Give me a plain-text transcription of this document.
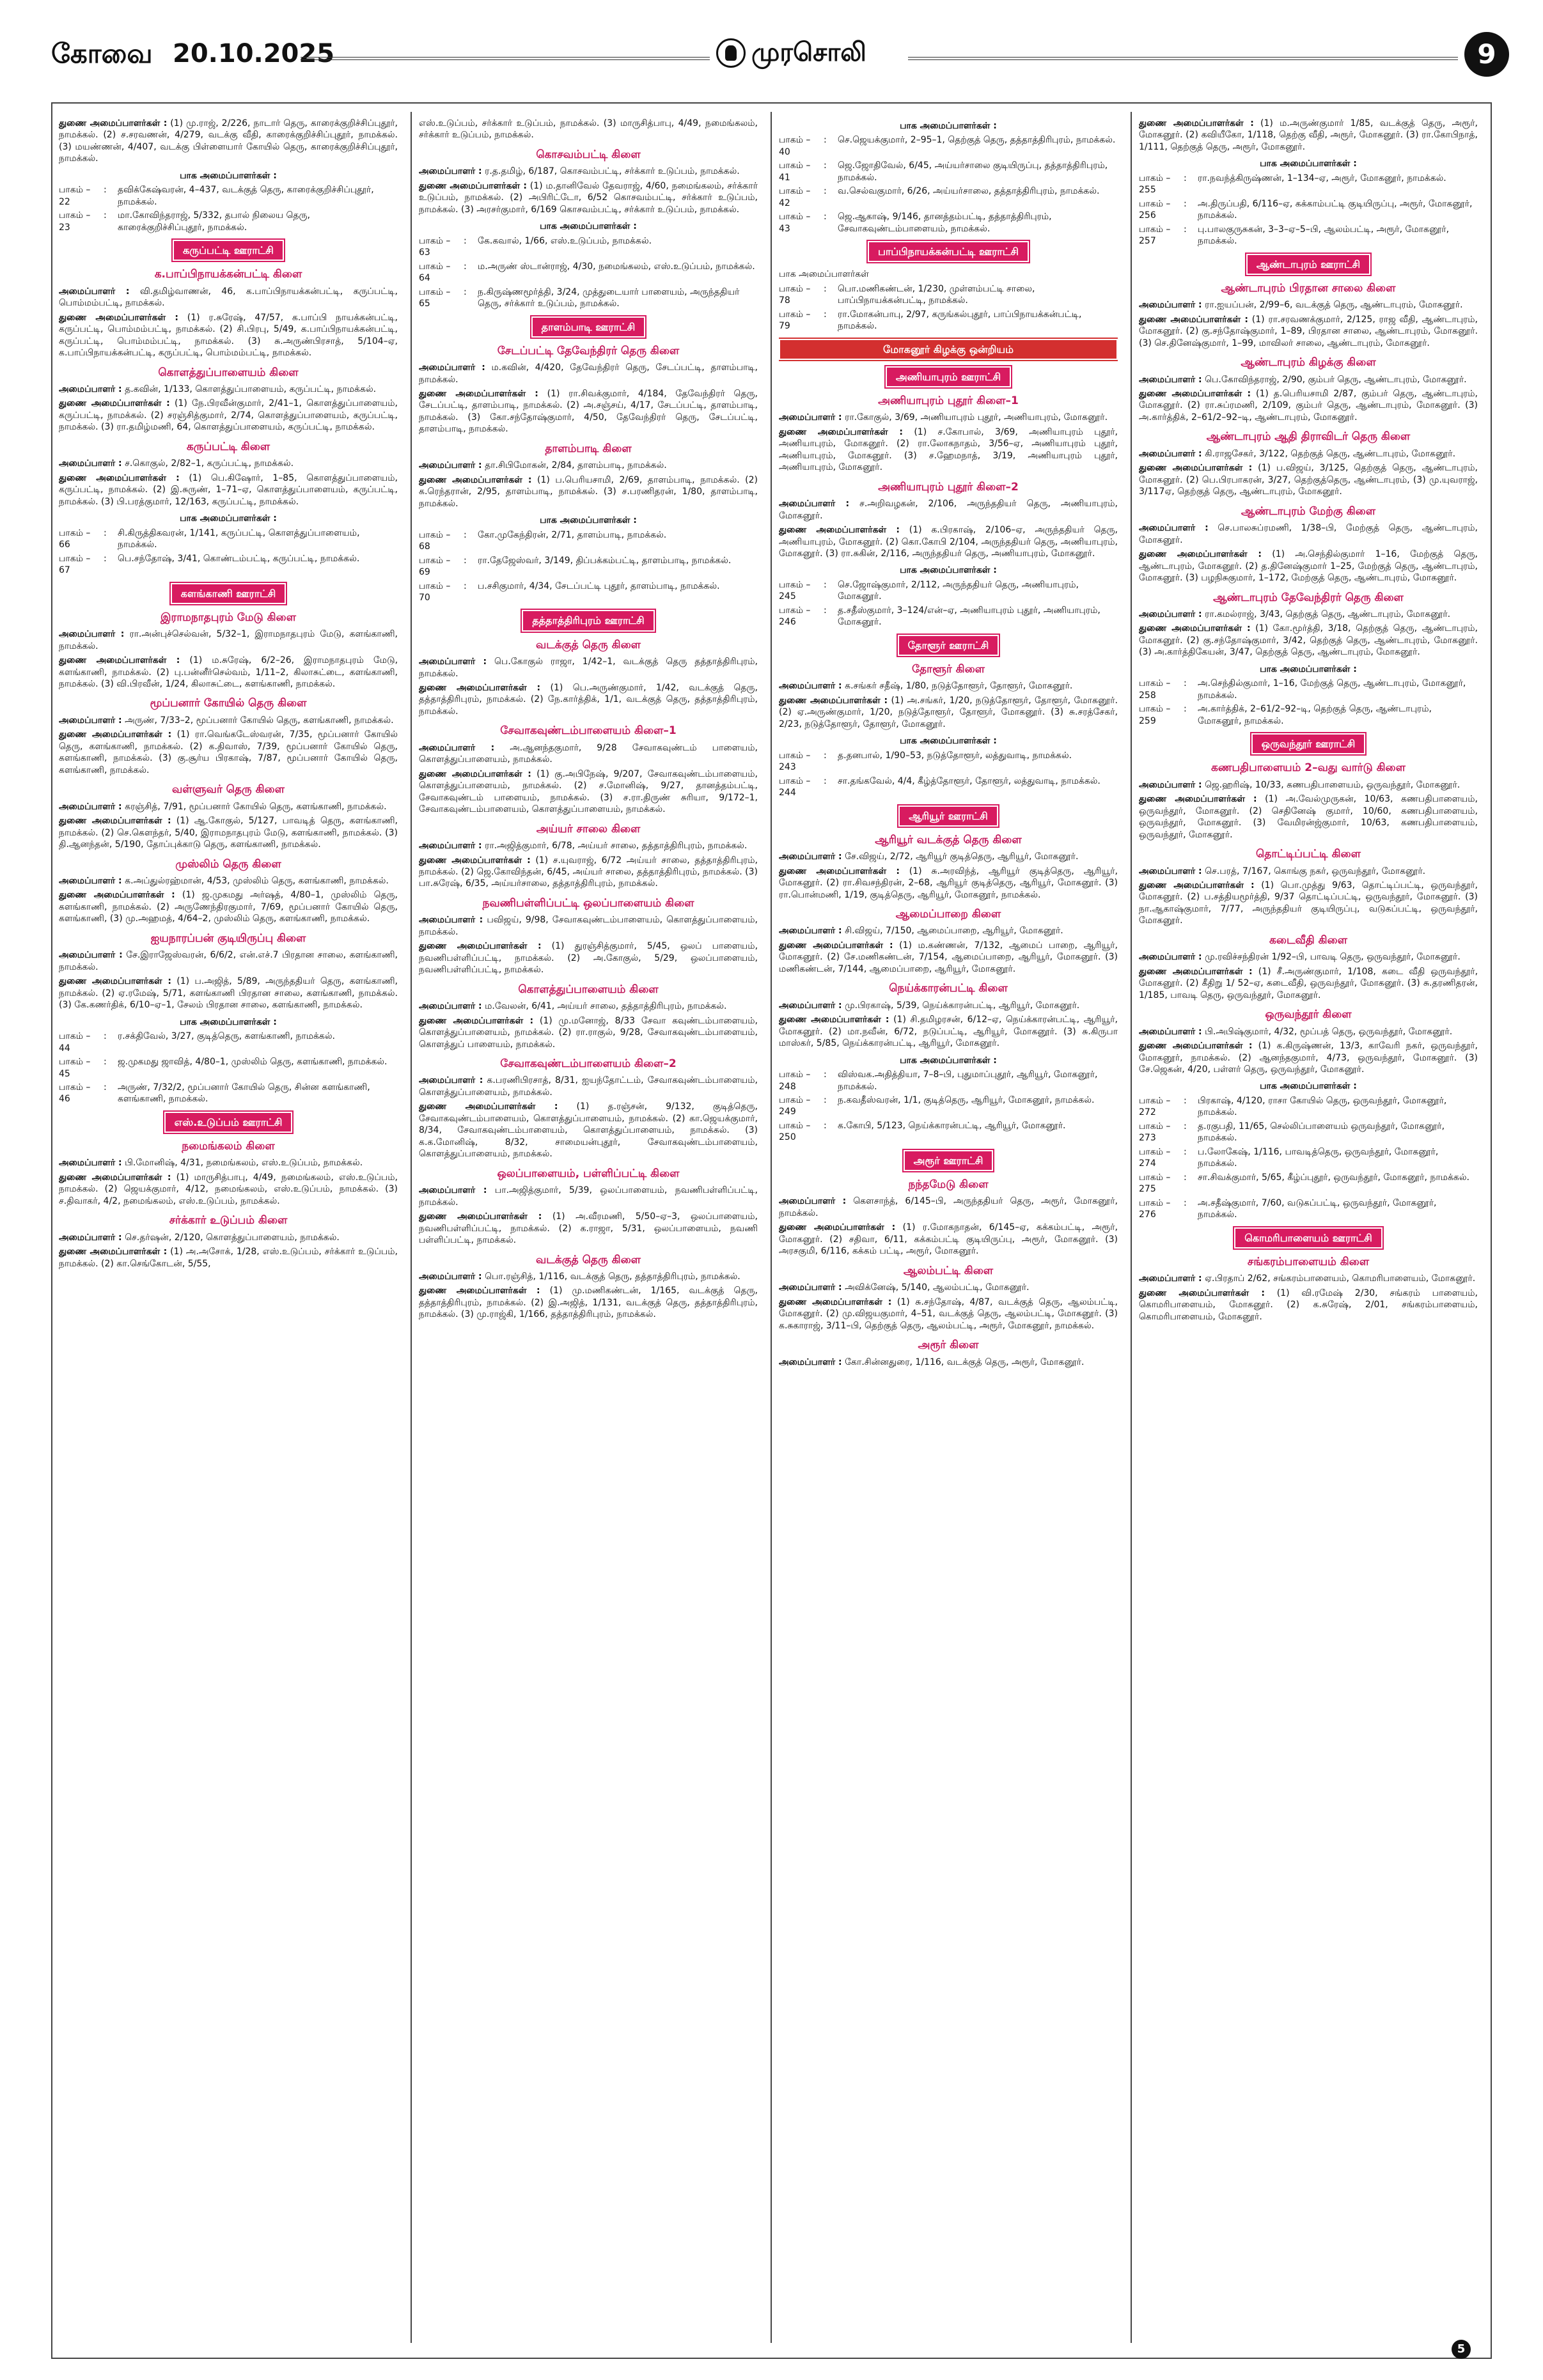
கோவை 20.10.2025	முரசொலி	9

துணை அமைப்பாளர்கள் : (1) மு.ராஜ், 2/226, நாடார் தெரு, காரைக்குறிச்சிப்புதூர், நாமக்கல். (2) ச.சரவணன், 4/279, வடக்கு வீதி, காரைக்குறிச்சிப்புதூர், நாமக்கல். (3) மயண்ணன், 4/407, வடக்கு பிள்ளையார் கோயில் தெரு, காரைக்குறிச்சிப்புதூர், நாமக்கல்.

பாக அமைப்பாளர்கள் :
பாகம் – 22
:	தவிக்கேஷ்வரன், 4–437, வடக்குத் தெரு, காரைக்குறிச்சிப்புதூர், நாமக்கல்.
பாகம் – 23
:	மா.கோவிந்தராஜ், 5/332, தபால் நிலைய தெரு, காரைக்குறிச்சிப்புதூர், நாமக்கல்.
கருப்பட்டி ஊராட்சி
க.பாப்பிநாயக்கன்பட்டி கிளை

அமைப்பாளர் : வி.தமிழ்வாணன், 46, க.பாப்பிநாயக்கன்பட்டி, கருப்பட்டி, பொம்மம்பட்டி, நாமக்கல்.

துணை அமைப்பாளர்கள் : (1) ர.சுரேஷ், 47/57, க.பாப்பி நாயக்கன்பட்டி, கருப்பட்டி, பொம்மம்பட்டி, நாமக்கல். (2) சி.பிரபு, 5/49, க.பாப்பிநாயக்கன்பட்டி, கருப்பட்டி, பொம்மம்பட்டி, நாமக்கல். (3) சு.அருண்பிரசாத், 5/104–ஏ, க.பாப்பிநாயக்கன்பட்டி, கருப்பட்டி, பொம்மம்பட்டி, நாமக்கல்.

கொளத்துப்பாளையம் கிளை

அமைப்பாளர் : த.கவின், 1/133, கொளத்துப்பாளையம், கருப்பட்டி, நாமக்கல்.

துணை அமைப்பாளர்கள் : (1) நே.பிரவீன்குமார், 2/41–1, கொளத்துப்பாளையம், கருப்பட்டி, நாமக்கல். (2) சரஞ்சித்குமார், 2/74, கொளத்துப்பாளையம், கருப்பட்டி, நாமக்கல். (3) ரா.தமிழ்மணி, 64, கொளத்துப்பாளையம், கருப்பட்டி, நாமக்கல்.

கருப்பட்டி கிளை

அமைப்பாளர் : ச.கொகுல், 2/82–1, கருப்பட்டி, நாமக்கல்.

துணை அமைப்பாளர்கள் : (1) பெ.கிஷோர், 1–85, கொளத்துப்பாளையம், கருப்பட்டி, நாமக்கல். (2) இ.சுருண், 1–71–ஏ, கொளத்துப்பாளையம், கருப்பட்டி, நாமக்கல். (3) பி.பரத்குமார், 12/163, கருப்பட்டி, நாமக்கல்.

பாக அமைப்பாளர்கள் :
பாகம் – 66
:	சி.கிருத்திகவரன், 1/141, கருப்பட்டி, கொளத்துப்பாளையம், நாமக்கல்.
பாகம் – 67
:	பெ.சந்தோஷ், 3/41, கொண்டம்பட்டி, கருப்பட்டி, நாமக்கல்.
களங்காணி ஊராட்சி
இராமநாதபுரம் மேடு கிளை

அமைப்பாளர் : ரா.அன்புச்செல்வன், 5/32–1, இராமநாதபுரம் மேடு, களங்காணி, நாமக்கல்.

துணை அமைப்பாளர்கள் : (1) ம.சுரேஷ், 6/2–26, இராமநாதபுரம் மேடு, களங்காணி, நாமக்கல். (2) பு.பன்னீர்செல்வம், 1/11–2, கிலாசுட்டை, களங்காணி, நாமக்கல். (3) வி.பிரவீன், 1/24, கிலாசுட்டை, களங்காணி, நாமக்கல்.

மூப்பனார் கோயில் தெரு கிளை

அமைப்பாளர் : அருண், 7/33–2, மூப்பனார் கோயில் தெரு, களங்காணி, நாமக்கல்.

துணை அமைப்பாளர்கள் : (1) ரா.வெங்கடேஸ்வரன், 7/35, மூப்பனார் கோயில் தெரு, களங்காணி, நாமக்கல். (2) க.திவாஸ், 7/39, மூப்பனார் கோயில் தெரு, களங்காணி, நாமக்கல். (3) கு.சூர்ய பிரகாஷ், 7/87, மூப்பனார் கோயில் தெரு, களங்காணி, நாமக்கல்.

வள்ளுவர் தெரு கிளை

அமைப்பாளர் : கரஞ்சித், 7/91, மூப்பனார் கோயில் தெரு, களங்காணி, நாமக்கல்.

துணை அமைப்பாளர்கள் : (1) ஆ.கோகுல், 5/127, பாவடித் தெரு, களங்காணி, நாமக்கல். (2) செ.கௌந்தர், 5/40, இராமநாதபுரம் மேடு, களங்காணி, நாமக்கல். (3) தி.ஆனந்தன், 5/190, தோப்புக்காடு தெரு, களங்காணி, நாமக்கல்.

முஸ்லிம் தெரு கிளை

அமைப்பாளர் : க.அப்துல்ரஹ்மான், 4/53, முஸ்லிம் தெரு, களங்காணி, நாமக்கல்.

துணை அமைப்பாளர்கள் : (1) ஜ.முகமது அர்ஷத், 4/80–1, முஸ்லிம் தெரு, களங்காணி, நாமக்கல். (2) அருணேந்திரகுமார், 7/69, மூப்பனார் கோயில் தெரு, களங்காணி, (3) மு.அஹமத், 4/64–2, முஸ்லிம் தெரு, களங்காணி, நாமக்கல்.

ஐயநாரப்பன் குடியிருப்பு கிளை

அமைப்பாளர் : சே.இராஜேஸ்வரன், 6/6/2, என்.எச்.7 பிரதான சாலை, களங்காணி, நாமக்கல்.

துணை அமைப்பாளர்கள் : (1) ப.அஜித், 5/89, அருந்ததியர் தெரு, களங்காணி, நாமக்கல். (2) ஏ.ரமேஷ், 5/71, களங்காணி பிரதான சாலை, களங்காணி, நாமக்கல். (3) கே.கணர்திக், 6/10–ஏ–1, சேலம் பிரதான சாலை, களங்காணி, நாமக்கல்.

பாக அமைப்பாளர்கள் :
பாகம் – 44
:	ர.சக்திவேல், 3/27, குடித்தெரு, களங்காணி, நாமக்கல்.
பாகம் – 45
:	ஜ.முகமது ஜாவித், 4/80–1, முஸ்லிம் தெரு, களங்காணி, நாமக்கல்.
பாகம் – 46
:	அருண், 7/32/2, மூப்பனார் கோயில் தெரு, சின்ன களங்காணி, களங்காணி, நாமக்கல்.
எஸ்.உடுப்பம் ஊராட்சி
நமைங்கலம் கிளை

அமைப்பாளர் : பி.மோனிஷ், 4/31, நமைங்கலம், எஸ்.உடுப்பம், நாமக்கல்.

துணை அமைப்பாளர்கள் : (1) மாருசித்பாபு, 4/49, நமைங்கலம், எஸ்.உடுப்பம், நாமக்கல். (2) ஜெயக்குமார், 4/12, நமைங்கலம், எஸ்.உடுப்பம், நாமக்கல். (3) ச.திவாகர், 4/2, நமைங்கலம், எஸ்.உடுப்பம், நாமக்கல்.

சர்க்கார் உடுப்பம் கிளை

அமைப்பாளர் : செ.தர்ஷன், 2/120, கொளத்துப்பாளையம், நாமக்கல்.

துணை அமைப்பாளர்கள் : (1) அ.அசோக், 1/28, எஸ்.உடுப்பம், சர்க்கார் உடுப்பம், நாமக்கல். (2) கா.செங்கோடன், 5/55,

எஸ்.உடுப்பம், சர்க்கார் உடுப்பம், நாமக்கல். (3) மாருசித்பாபு, 4/49, நமைங்கலம், சர்க்கார் உடுப்பம், நாமக்கல்.

கொசவம்பட்டி கிளை

அமைப்பாளர் : ர.த.தமிழ், 6/187, கொசவம்பட்டி, சர்க்கார் உடுப்பம், நாமக்கல்.

துணை அமைப்பாளர்கள் : (1) ம.தானிவேல் தேவராஜ், 4/60, நமைங்கலம், சர்க்கார் உடுப்பம், நாமக்கல். (2) அபிரிட்டோ, 6/52 கொசவம்பட்டி, சர்க்கார் உடுப்பம், நாமக்கல். (3) அரசர்குமார், 6/169 கொசவம்பட்டி, சர்க்கார் உடுப்பம், நாமக்கல்.

பாக அமைப்பாளர்கள் :
பாகம் – 63
:	கே.கவால், 1/66, எஸ்.உடுப்பம், நாமக்கல்.
பாகம் – 64
:	ம.அருண் ஸ்டான்ராஜ், 4/30, நமைங்கலம், எஸ்.உடுப்பம், நாமக்கல்.
பாகம் – 65
:	ந.கிருஷ்ணமூர்த்தி, 3/24, முத்துடையார் பாளையம், அருந்ததியர் தெரு, சர்க்கார் உடுப்பம், நாமக்கல்.
தாளம்பாடி ஊராட்சி
சேடப்பட்டி தேவேந்திரர் தெரு கிளை

அமைப்பாளர் : ம.கவின், 4/420, தேவேந்திரர் தெரு, சேடப்பட்டி, தாளம்பாடி, நாமக்கல்.

துணை அமைப்பாளர்கள் : (1) ரா.சிவக்குமார், 4/184, தேவேந்திரர் தெரு, சேடப்பட்டி, தாளம்பாடி, நாமக்கல். (2) அ.சஞ்சய், 4/17, சேடப்பட்டி, தாளம்பாடி, நாமக்கல். (3) கோ.சந்தோஷ்குமார், 4/50, தேவேந்திரர் தெரு, சேடப்பட்டி, தாளம்பாடி, நாமக்கல்.

தாளம்பாடி கிளை

அமைப்பாளர் : தா.சிபிமோகன், 2/84, தாளம்பாடி, நாமக்கல்.

துணை அமைப்பாளர்கள் : (1) ப.பெரியசாமி, 2/69, தாளம்பாடி, நாமக்கல். (2) க.ரெந்தரான், 2/95, தாளம்பாடி, நாமக்கல். (3) ச.பரணிதரன், 1/80, தாளம்பாடி, நாமக்கல்.

பாக அமைப்பாளர்கள் :
பாகம் – 68
:	கோ.முகேந்திரன், 2/71, தாளம்பாடி, நாமக்கல்.
பாகம் – 69
:	ரா.தேஜேஸ்வர், 3/149, திப்பக்கம்பட்டி, தாளம்பாடி, நாமக்கல்.
பாகம் – 70
:	ப.சசிகுமார், 4/34, சேடப்பட்டி புதூர், தாளம்பாடி, நாமக்கல்.
தத்தாத்திரிபுரம் ஊராட்சி
வடக்குத் தெரு கிளை

அமைப்பாளர் : பெ.கோகுல் ராஜா, 1/42–1, வடக்குத் தெரு தத்தாத்திரிபுரம், நாமக்கல்.

துணை அமைப்பாளர்கள் : (1) பெ.அருண்குமார், 1/42, வடக்குத் தெரு, தத்தாத்திரிபுரம், நாமக்கல். (2) நே.கார்த்திக், 1/1, வடக்குத் தெரு, தத்தாத்திரிபுரம், நாமக்கல்.

சேவாகவுண்டம்பாளையம் கிளை–1

அமைப்பாளர் : அ.ஆனந்தகுமார், 9/28 சேவாகவுண்டம் பாளையம், கொளத்துப்பாளையம், நாமக்கல்.

துணை அமைப்பாளர்கள் : (1) கு.அபிநேஷ், 9/207, சேவாகவுண்டம்பாளையம், கொளத்துப்பாளையம், நாமக்கல். (2) ச.மோனிஷ், 9/27, தானத்தம்பட்டி, சேவாகவுண்டம் பாளையம், நாமக்கல். (3) ச.ரா.திருண் சுரியா, 9/172–1, சேவாகவுண்டம்பாளையம், கொளத்துப்பாளையம், நாமக்கல்.

அய்யர் சாலை கிளை

அமைப்பாளர் : ரா.அஜித்குமார், 6/78, அய்யர் சாலை, தத்தாத்திரிபுரம், நாமக்கல்.

துணை அமைப்பாளர்கள் : (1) ச.யுவராஜ், 6/72 அய்யர் சாலை, தத்தாத்திரிபுரம், நாமக்கல். (2) ஜெ.கோவிந்தன், 6/45, அய்யர் சாலை, தத்தாத்திரிபுரம், நாமக்கல். (3) பா.சுரேஷ், 6/35, அய்யர்சாலை, தத்தாத்திரிபுரம், நாமக்கல்.

நவணிபள்ளிப்பட்டி ஒலப்பாளையம் கிளை

அமைப்பாளர் : பவிஜய், 9/98, சேவாகவுண்டம்பாளையம், கொளத்துப்பாளையம், நாமக்கல்.

துணை அமைப்பாளர்கள் : (1) துரஞ்சித்குமார், 5/45, ஒலப் பாளையம், நவணிபள்ளிப்பட்டி, நாமக்கல். (2) அ.கோகுல், 5/29, ஒலப்பாளையம், நவணிபள்ளிப்பட்டி, நாமக்கல்.

கொளத்துப்பாளையம் கிளை

அமைப்பாளர் : ம.வேலன், 6/41, அய்யர் சாலை, தத்தாத்திரிபுரம், நாமக்கல்.

துணை அமைப்பாளர்கள் : (1) மு.மனோஜ், 8/33 சேவா கவுண்டம்பாளையம், கொளத்துப்பாளையம், நாமக்கல். (2) ரா.ராகுல், 9/28, சேவாகவுண்டம்பாளையம், கொளத்துப் பாளையம், நாமக்கல்.

சேவாகவுண்டம்பாளையம் கிளை–2

அமைப்பாளர் : க.பரணிபிரசாத், 8/31, ஐயந்தோட்டம், சேவாகவுண்டம்பாளையம், கொளத்துப்பாளையம், நாமக்கல்.

துணை அமைப்பாளர்கள் : (1) த.ரஞ்சன், 9/132, குடித்தெரு, சேவாகவுண்டம்பாளையம், கொளத்துப்பாளையம், நாமக்கல். (2) கா.ஜெயக்குமார், 8/34, சேவாகவுண்டம்பாளையம், கொளத்துப்பாளையம், நாமக்கல். (3) க.க.மோனிஷ், 8/32, சாமையன்புதூர், சேவாகவுண்டம்பாளையம், கொளத்துப்பாளையம், நாமக்கல்.

ஒலப்பாளையம், பள்ளிப்பட்டி கிளை

அமைப்பாளர் : பா.அஜித்குமார், 5/39, ஒலப்பாளையம், நவணிபள்ளிப்பட்டி, நாமக்கல்.

துணை அமைப்பாளர்கள் : (1) அ.வீரமணி, 5/50–ஏ–3, ஒலப்பாளையம், நவணிபள்ளிப்பட்டி, நாமக்கல். (2) க.ராஜா, 5/31, ஒலப்பாளையம், நவணி பள்ளிப்பட்டி, நாமக்கல்.

வடக்குத் தெரு கிளை

அமைப்பாளர் : பொ.ரஞ்சித், 1/116, வடக்குத் தெரு, தத்தாத்திரிபுரம், நாமக்கல்.

துணை அமைப்பாளர்கள் : (1) மு.மணிகண்டன், 1/165, வடக்குத் தெரு, தத்தாத்திரிபுரம், நாமக்கல். (2) இ.அஜித், 1/131, வடக்குத் தெரு, தத்தாத்திரிபுரம், நாமக்கல். (3) மு.ராஜ்கி, 1/166, தத்தாத்திரிபுரம், நாமக்கல்.

பாக அமைப்பாளர்கள் :
பாகம் – 40
:	செ.ஜெயக்குமார், 2–95–1, தெற்குத் தெரு, தத்தாத்திரிபுரம், நாமக்கல்.
பாகம் – 41
:	ஜெ.ஜோதிவேல், 6/45, அய்யர்சாலை குடியிருப்பு, தத்தாத்திரிபுரம், நாமக்கல்.
பாகம் – 42
:	வ.செல்வகுமார், 6/26, அய்யர்சாலை, தத்தாத்திரிபுரம், நாமக்கல்.
பாகம் – 43
:	ஜெ.ஆகாஷ், 9/146, தானத்தம்பட்டி, தத்தாத்திரிபுரம், சேவாகவுண்டம்பாளையம், நாமக்கல்.
பாப்பிநாயக்கன்பட்டி ஊராட்சி

பாக அமைப்பாளர்கள்

பாகம் – 78
:	பொ.மணிகண்டன், 1/230, முள்ளம்பட்டி சாலை, பாப்பிநாயக்கன்பட்டி, நாமக்கல்.
பாகம் – 79
:	ரா.மோகன்பாபு, 2/97, கருங்கல்புதூர், பாப்பிநாயக்கன்பட்டி, நாமக்கல்.
மோகனூர் கிழக்கு ஒன்றியம்
அணியாபுரம் ஊராட்சி
அணியாபுரம் புதூர் கிளை–1

அமைப்பாளர் : ரா.கோகுல், 3/69, அணியாபுரம் புதூர், அணியாபுரம், மோகனூர்.

துணை அமைப்பாளர்கள் : (1) ச.கோபால், 3/69, அணியாபுரம் புதூர், அணியாபுரம், மோகனூர். (2) ரா.லோகநாதம், 3/56–ஏ, அணியாபுரம் புதூர், அணியாபுரம், மோகனூர். (3) ச.ஹேமநாத், 3/19, அணியாபுரம் புதூர், அணியாபுரம், மோகனூர்.

அணியாபுரம் புதூர் கிளை–2

அமைப்பாளர் : ச.அறிவழகன், 2/106, அருந்ததியர் தெரு, அணியாபுரம், மோகனூர்.

துணை அமைப்பாளர்கள் : (1) க.பிரகாஷ், 2/106–ஏ, அருந்ததியர் தெரு, அணியாபுரம், மோகனூர். (2) கொ.கோபி 2/104, அருந்ததியர் தெரு, அணியாபுரம், மோகனூர். (3) ரா.சுகின், 2/116, அருந்ததியர் தெரு, அணியாபுரம், மோகனூர்.

பாக அமைப்பாளர்கள் :
பாகம் – 245
:	செ.ஜோஷ்குமார், 2/112, அருந்ததியர் தெரு, அணியாபுரம், மோகனூர்.
பாகம் – 246
:	த.சதீஸ்குமார், 3–124/என்–ஏ, அணியாபுரம் புதூர், அணியாபுரம், மோகனூர்.
தோளூர் ஊராட்சி
தோளூர் கிளை

அமைப்பாளர் : க.சங்கர் சதீஷ், 1/80, நடுத்தோளூர், தோளூர், மோகனூர்.

துணை அமைப்பாளர்கள் : (1) அ.சங்கர், 1/20, நடுத்தோளூர், தோளூர், மோகனூர். (2) ஏ.அருண்குமார், 1/20, நடுத்தோளூர், தோளூர், மோகனூர். (3) சு.சரத்சேகர், 2/23, நடுத்தோளூர், தோளூர், மோகனூர்.

பாக அமைப்பாளர்கள் :
பாகம் – 243
:	த.தனபால், 1/90–53, நடுத்தோளூர், லத்துவாடி, நாமக்கல்.
பாகம் – 244
:	சா.தங்கவேல், 4/4, கீழ்த்தோளூர், தோளூர், லத்துவாடி, நாமக்கல்.
ஆரியூர் ஊராட்சி
ஆரியூர் வடக்குத் தெரு கிளை

அமைப்பாளர் : சே.விஜய், 2/72, ஆரியூர் குடித்தெரு, ஆரியூர், மோகனூர்.

துணை அமைப்பாளர்கள் : (1) சு.அரவிந்த், ஆரியூர் குடித்தெரு, ஆரியூர், மோகனூர். (2) ரா.சிவசந்திரன், 2–68, ஆரியூர் குடித்தெரு, ஆரியூர், மோகனூர். (3) ரா.பொன்மணி, 1/19, குடித்தெரு, ஆரியூர், மோகனூர், நாமக்கல்.

ஆமைப்பாறை கிளை

அமைப்பாளர் : சி.விஜய், 7/150, ஆமைப்பாறை, ஆரியூர், மோகனூர்.

துணை அமைப்பாளர்கள் : (1) ம.கண்ணன், 7/132, ஆமைப் பாறை, ஆரியூர், மோகனூர். (2) சே.மணிகண்டன், 7/154, ஆமைப்பாறை, ஆரியூர், மோகனூர். (3) மணிகண்டன், 7/144, ஆமைப்பாறை, ஆரியூர், மோகனூர்.

நெய்க்காரன்பட்டி கிளை

அமைப்பாளர் : மு.பிரகாஷ், 5/39, நெய்க்காரன்பட்டி, ஆரியூர், மோகனூர்.

துணை அமைப்பாளர்கள் : (1) சி.தமிழரசன், 6/12–ஏ, நெய்க்காரன்பட்டி, ஆரியூர், மோகனூர். (2) மா.நவீன், 6/72, நடுப்பட்டி, ஆரியூர், மோகனூர். (3) சு.கிருபா மாஸ்கர், 5/85, நெய்க்காரன்பட்டி, ஆரியூர், மோகனூர்.

பாக அமைப்பாளர்கள் :
பாகம் – 248
:	விஸ்வக.அதித்தியா, 7–8–பி, புதுமாப்புதூர், ஆரியூர், மோகனூர், நாமக்கல்.
பாகம் – 249
:	ந.கவதீஸ்வரன், 1/1, குடித்தெரு, ஆரியூர், மோகனூர், நாமக்கல்.
பாகம் – 250
:	க.கோபி, 5/123, நெய்க்காரன்பட்டி, ஆரியூர், மோகனூர்.
அரூர் ஊராட்சி
நந்தமேடு கிளை

அமைப்பாளர் : கௌசாந்த், 6/145–பி, அருந்ததியர் தெரு, அரூர், மோகனூர், நாமக்கல்.

துணை அமைப்பாளர்கள் : (1) ர.மோகநாதன், 6/145–ஏ, கக்கம்பட்டி, அரூர், மோகனூர். (2) சதிவா, 6/11, கக்கம்பட்டி குடியிருப்பு, அரூர், மோகனூர். (3) அரசகுமி, 6/116, கக்கம் பட்டி, அரூர், மோகனூர்.

ஆலம்பட்டி கிளை

அமைப்பாளர் : அவிக்னேஷ், 5/140, ஆலம்பட்டி, மோகனூர்.

துணை அமைப்பாளர்கள் : (1) சு.சந்தோஷ், 4/87, வடக்குத் தெரு, ஆலம்பட்டி, மோகனூர். (2) மு.விஜயகுமார், 4–51, வடக்குத் தெரு, ஆலம்பட்டி, மோகனூர். (3) க.சுகாராஜ், 3/11–பி, தெற்குத் தெரு, ஆலம்பட்டி, அரூர், மோகனூர், நாமக்கல்.

அரூர் கிளை

அமைப்பாளர் : கோ.சின்னதுரை, 1/116, வடக்குத் தெரு, அரூர், மோகனூர்.

துணை அமைப்பாளர்கள் : (1) ம.அருண்குமார் 1/85, வடக்குத் தெரு, அரூர், மோகனூர். (2) கவியீகோ, 1/118, தெற்கு வீதி, அரூர், மோகனூர். (3) ரா.கோபிநாத், 1/111, தெற்குத் தெரு, அரூர், மோகனூர்.

பாக அமைப்பாளர்கள் :
பாகம் – 255
:	ரா.நவந்த்கிருஷ்ணன், 1–134–ஏ, அரூர், மோகனூர், நாமக்கல்.
பாகம் – 256
:	அ.திருப்பதி, 6/116–ஏ, கக்காம்பட்டி குடியிருப்பு, அரூர், மோகனூர், நாமக்கல்.
பாகம் – 257
:	பு.பாலகுருசுகன், 3–3–ஏ–5–பி, ஆலம்பட்டி, அரூர், மோகனூர், நாமக்கல்.
ஆண்டாபுரம் ஊராட்சி
ஆண்டாபுரம் பிரதான சாலை கிளை

அமைப்பாளர் : ரா.ஐயப்பன், 2/99–6, வடக்குத் தெரு, ஆண்டாபுரம், மோகனூர்.

துணை அமைப்பாளர்கள் : (1) ரா.சரவணக்குமார், 2/125, ராஜ வீதி, ஆண்டாபுரம், மோகனூர். (2) கு.சந்தோஷ்குமார், 1–89, பிரதான சாலை, ஆண்டாபுரம், மோகனூர். (3) செ.தினேஷ்குமார், 1–99, மாவிலர் சாலை, ஆண்டாபுரம், மோகனூர்.

ஆண்டாபுரம் கிழக்கு கிளை

அமைப்பாளர் : பெ.கோவிந்தராஜ், 2/90, கும்பர் தெரு, ஆண்டாபுரம், மோகனூர்.

துணை அமைப்பாளர்கள் : (1) த.பெரியசாமி 2/87, கும்பர் தெரு, ஆண்டாபுரம், மோகனூர். (2) ரா.சுப்ரமணி, 2/109, கும்பர் தெரு, ஆண்டாபுரம், மோகனூர். (3) அ.கார்த்திக், 2–61/2–92–டி, ஆண்டாபுரம், மோகனூர்.

ஆண்டாபுரம் ஆதி திராவிடர் தெரு கிளை

அமைப்பாளர் : கி.ராஜசேகர், 3/122, தெற்குத் தெரு, ஆண்டாபுரம், மோகனூர்.

துணை அமைப்பாளர்கள் : (1) ப.விஜய், 3/125, தெற்குத் தெரு, ஆண்டாபுரம், மோகனூர். (2) பெ.பிரபாகரன், 3/27, தெற்குத்தெரு, ஆண்டாபுரம், (3) மு.யுவராஜ், 3/117ஏ, தெற்குத் தெரு, ஆண்டாபுரம், மோகனூர்.

ஆண்டாபுரம் மேற்கு கிளை

அமைப்பாளர் : செ.பாலசுப்ரமணி, 1/38–பி, மேற்குத் தெரு, ஆண்டாபுரம், மோகனூர்.

துணை அமைப்பாளர்கள் : (1) அ.செந்தில்குமார் 1–16, மேற்குத் தெரு, ஆண்டாபுரம், மோகனூர். (2) த.தினேஷ்குமார் 1–25, மேற்குத் தெரு, ஆண்டாபுரம், மோகனூர். (3) பழநிசுகுமார், 1–172, மேற்குத் தெரு, ஆண்டாபுரம், மோகனூர்.

ஆண்டாபுரம் தேவேந்திரர் தெரு கிளை

அமைப்பாளர் : ரா.கமல்ராஜ், 3/43, தெற்குத் தெரு, ஆண்டாபுரம், மோகனூர்.

துணை அமைப்பாளர்கள் : (1) கோ.மூர்த்தி, 3/18, தெற்குத் தெரு, ஆண்டாபுரம், மோகனூர். (2) கு.சந்தோஷ்குமார், 3/42, தெற்குத் தெரு, ஆண்டாபுரம், மோகனூர். (3) அ.கார்த்திகேயன், 3/47, தெற்குத் தெரு, ஆண்டாபுரம், மோகனூர்.

பாக அமைப்பாளர்கள் :
பாகம் – 258
:	அ.செந்தில்குமார், 1–16, மேற்குத் தெரு, ஆண்டாபுரம், மோகனூர், நாமக்கல்.
பாகம் – 259
:	அ.கார்த்திக், 2–61/2–92–டி, தெற்குத் தெரு, ஆண்டாபுரம், மோகனூர், நாமக்கல்.
ஒருவந்தூர் ஊராட்சி
கணபதிபாளையம் 2–வது வார்டு கிளை

அமைப்பாளர் : ஜெ.ஹரிஷ், 10/33, கணபதிபாளையம், ஒருவந்தூர், மோகனூர்.

துணை அமைப்பாளர்கள் : (1) அ.வேல்முருகன், 10/63, கணபதிபாளையம், ஒருவந்தூர், மோகனூர். (2) செதினேஷ் குமார், 10/60, கணபதிபாளையம், ஒருவந்தூர், மோகனூர். (3) வேமிரன்ஜ்குமார், 10/63, கணபதிபாளையம், ஒருவந்தூர், மோகனூர்.

தொட்டிப்பட்டி கிளை

அமைப்பாளர் : செ.பரத், 7/167, கொங்கு நகர், ஒருவந்தூர், மோகனூர்.

துணை அமைப்பாளர்கள் : (1) பொ.முத்து 9/63, தொட்டிப்பட்டி, ஒருவந்தூர், மோகனூர். (2) ப.சத்தியமூர்த்தி, 9/37 தொட்டிப்பட்டி, ஒருவந்தூர், மோகனூர். (3) நா.ஆகாஷ்குமார், 7/77, அருந்ததியர் குடியிருப்பு, வடுகப்பட்டி, ஒருவந்தூர், மோகனூர்.

கடைவீதி கிளை

அமைப்பாளர் : மு.ரவிச்சந்திரன் 1/92–பி, பாவடி தெரு, ஒருவந்தூர், மோகனூர்.

துணை அமைப்பாளர்கள் : (1) சீ.அருண்குமார், 1/108, கடை வீதி ஒருவந்தூர், மோகனூர். (2) கீதிறு 1/ 52–ஏ, கடைவீதி, ஒருவந்தூர், மோகனூர். (3) சு.தரணிதரன், 1/185, பாவடி தெரு, ஒருவந்தூர், மோகனூர்.

ஒருவந்தூர் கிளை

அமைப்பாளர் : பி.அபிஷ்குமார், 4/32, மூப்பத் தெரு, ஒருவந்தூர், மோகனூர்.

துணை அமைப்பாளர்கள் : (1) க.கிருஷ்ணன், 13/3, காவேரி நகர், ஒருவந்தூர், மோகனூர், நாமக்கல். (2) ஆனந்தகுமார், 4/73, ஒருவந்தூர், மோகனூர். (3) சே.ஜெகன், 4/20, பள்ளர் தெரு, ஒருவந்தூர், மோகனூர்.

பாக அமைப்பாளர்கள் :
பாகம் – 272
:	பிரகாஷ், 4/120, ராசா கோயில் தெரு, ஒருவந்தூர், மோகனூர், நாமக்கல்.
பாகம் – 273
:	த.ரகுபதி, 11/65, செல்லிப்பாளையம் ஒருவந்தூர், மோகனூர், நாமக்கல்.
பாகம் – 274
:	ப.லோகேஷ், 1/116, பாவடித்தெரு, ஒருவந்தூர், மோகனூர், நாமக்கல்.
பாகம் – 275
:	சா.சிவக்குமார், 5/65, கீழ்ப்புதூர், ஒருவந்தூர், மோகனூர், நாமக்கல்.
பாகம் – 276
:	அ.சதீஷ்குமார், 7/60, வடுகப்பட்டி, ஒருவந்தூர், மோகனூர், நாமக்கல்.
கொமரிபாளையம் ஊராட்சி
சங்கரம்பாளையம் கிளை

அமைப்பாளர் : ஏ.பிரதாப் 2/62, சங்கரம்பாளையம், கொமரிபாளையம், மோகனூர்.

துணை அமைப்பாளர்கள் : (1) வி.ரமேஷ் 2/30, சங்கரம் பாளையம், கொமரிபாளையம், மோகனூர். (2) க.சுரேஷ், 2/01, சங்கரம்பாளையம், கொமரிபாளையம், மோகனூர்.

5
